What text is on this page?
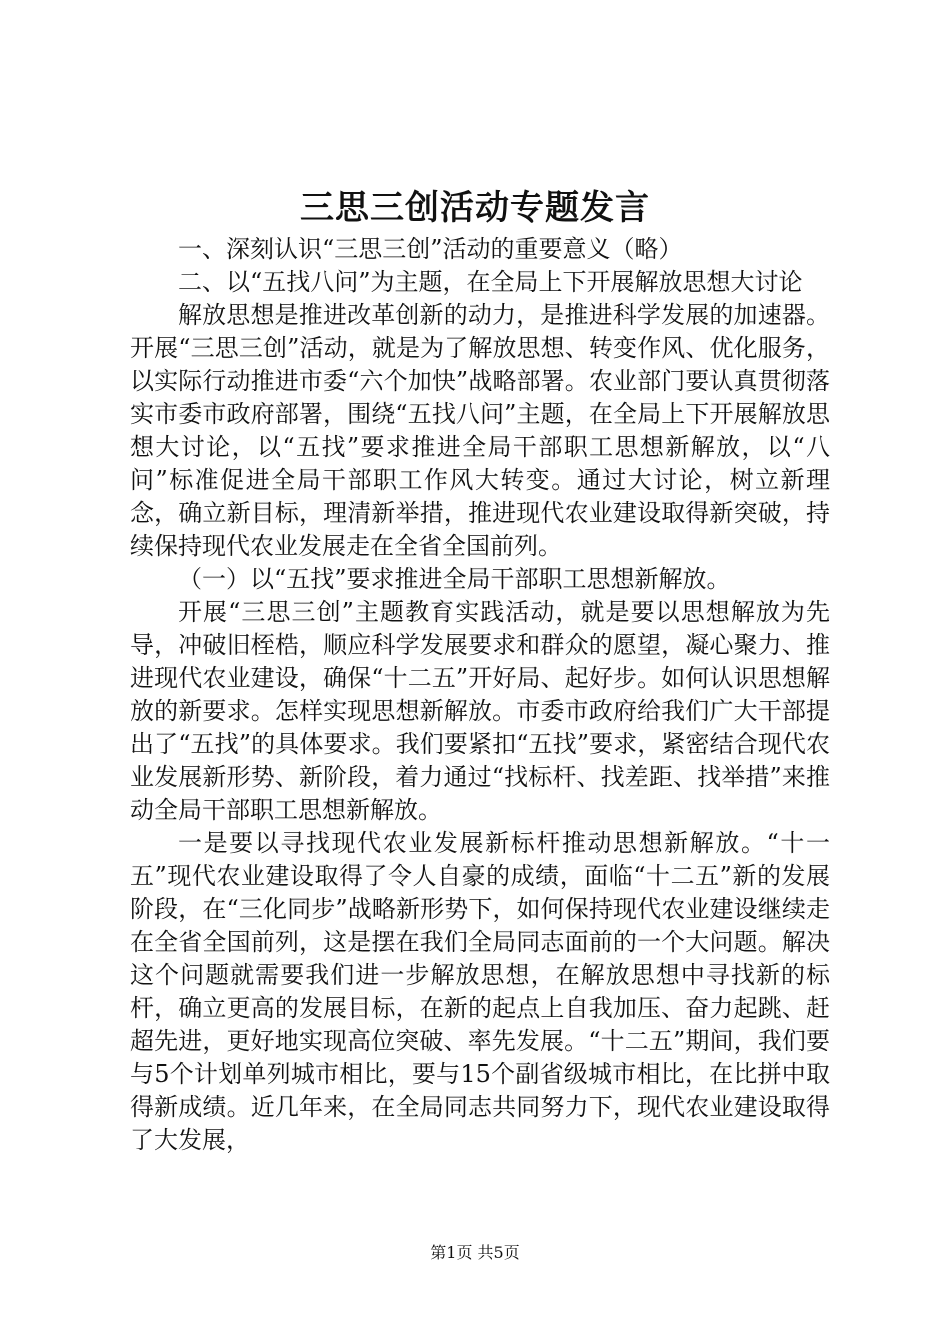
三思三创活动专题发言

一、深刻认识“三思三创”活动的重要意义（略）

二、以“五找八问”为主题，在全局上下开展解放思想大讨论

解放思想是推进改革创新的动力，是推进科学发展的加速器。开展“三思三创”活动，就是为了解放思想、转变作风、优化服务，以实际行动推进市委“六个加快”战略部署。农业部门要认真贯彻落实市委市政府部署，围绕“五找八问”主题，在全局上下开展解放思想大讨论，以“五找”要求推进全局干部职工思想新解放，以“八问”标准促进全局干部职工作风大转变。通过大讨论，树立新理念，确立新目标，理清新举措，推进现代农业建设取得新突破，持续保持现代农业发展走在全省全国前列。

（一）以“五找”要求推进全局干部职工思想新解放。

开展“三思三创”主题教育实践活动，就是要以思想解放为先导，冲破旧桎梏，顺应科学发展要求和群众的愿望，凝心聚力、推进现代农业建设，确保“十二五”开好局、起好步。如何认识思想解放的新要求。怎样实现思想新解放。市委市政府给我们广大干部提出了“五找”的具体要求。我们要紧扣“五找”要求，紧密结合现代农业发展新形势、新阶段，着力通过“找标杆、找差距、找举措”来推动全局干部职工思想新解放。

一是要以寻找现代农业发展新标杆推动思想新解放。“十一五”现代农业建设取得了令人自豪的成绩，面临“十二五”新的发展阶段，在“三化同步”战略新形势下，如何保持现代农业建设继续走在全省全国前列，这是摆在我们全局同志面前的一个大问题。解决这个问题就需要我们进一步解放思想，在解放思想中寻找新的标杆，确立更高的发展目标，在新的起点上自我加压、奋力起跳、赶超先进，更好地实现高位突破、率先发展。“十二五”期间，我们要与5个计划单列城市相比，要与15个副省级城市相比，在比拼中取得新成绩。近几年来，在全局同志共同努力下，现代农业建设取得了大发展，

第1页 共5页
